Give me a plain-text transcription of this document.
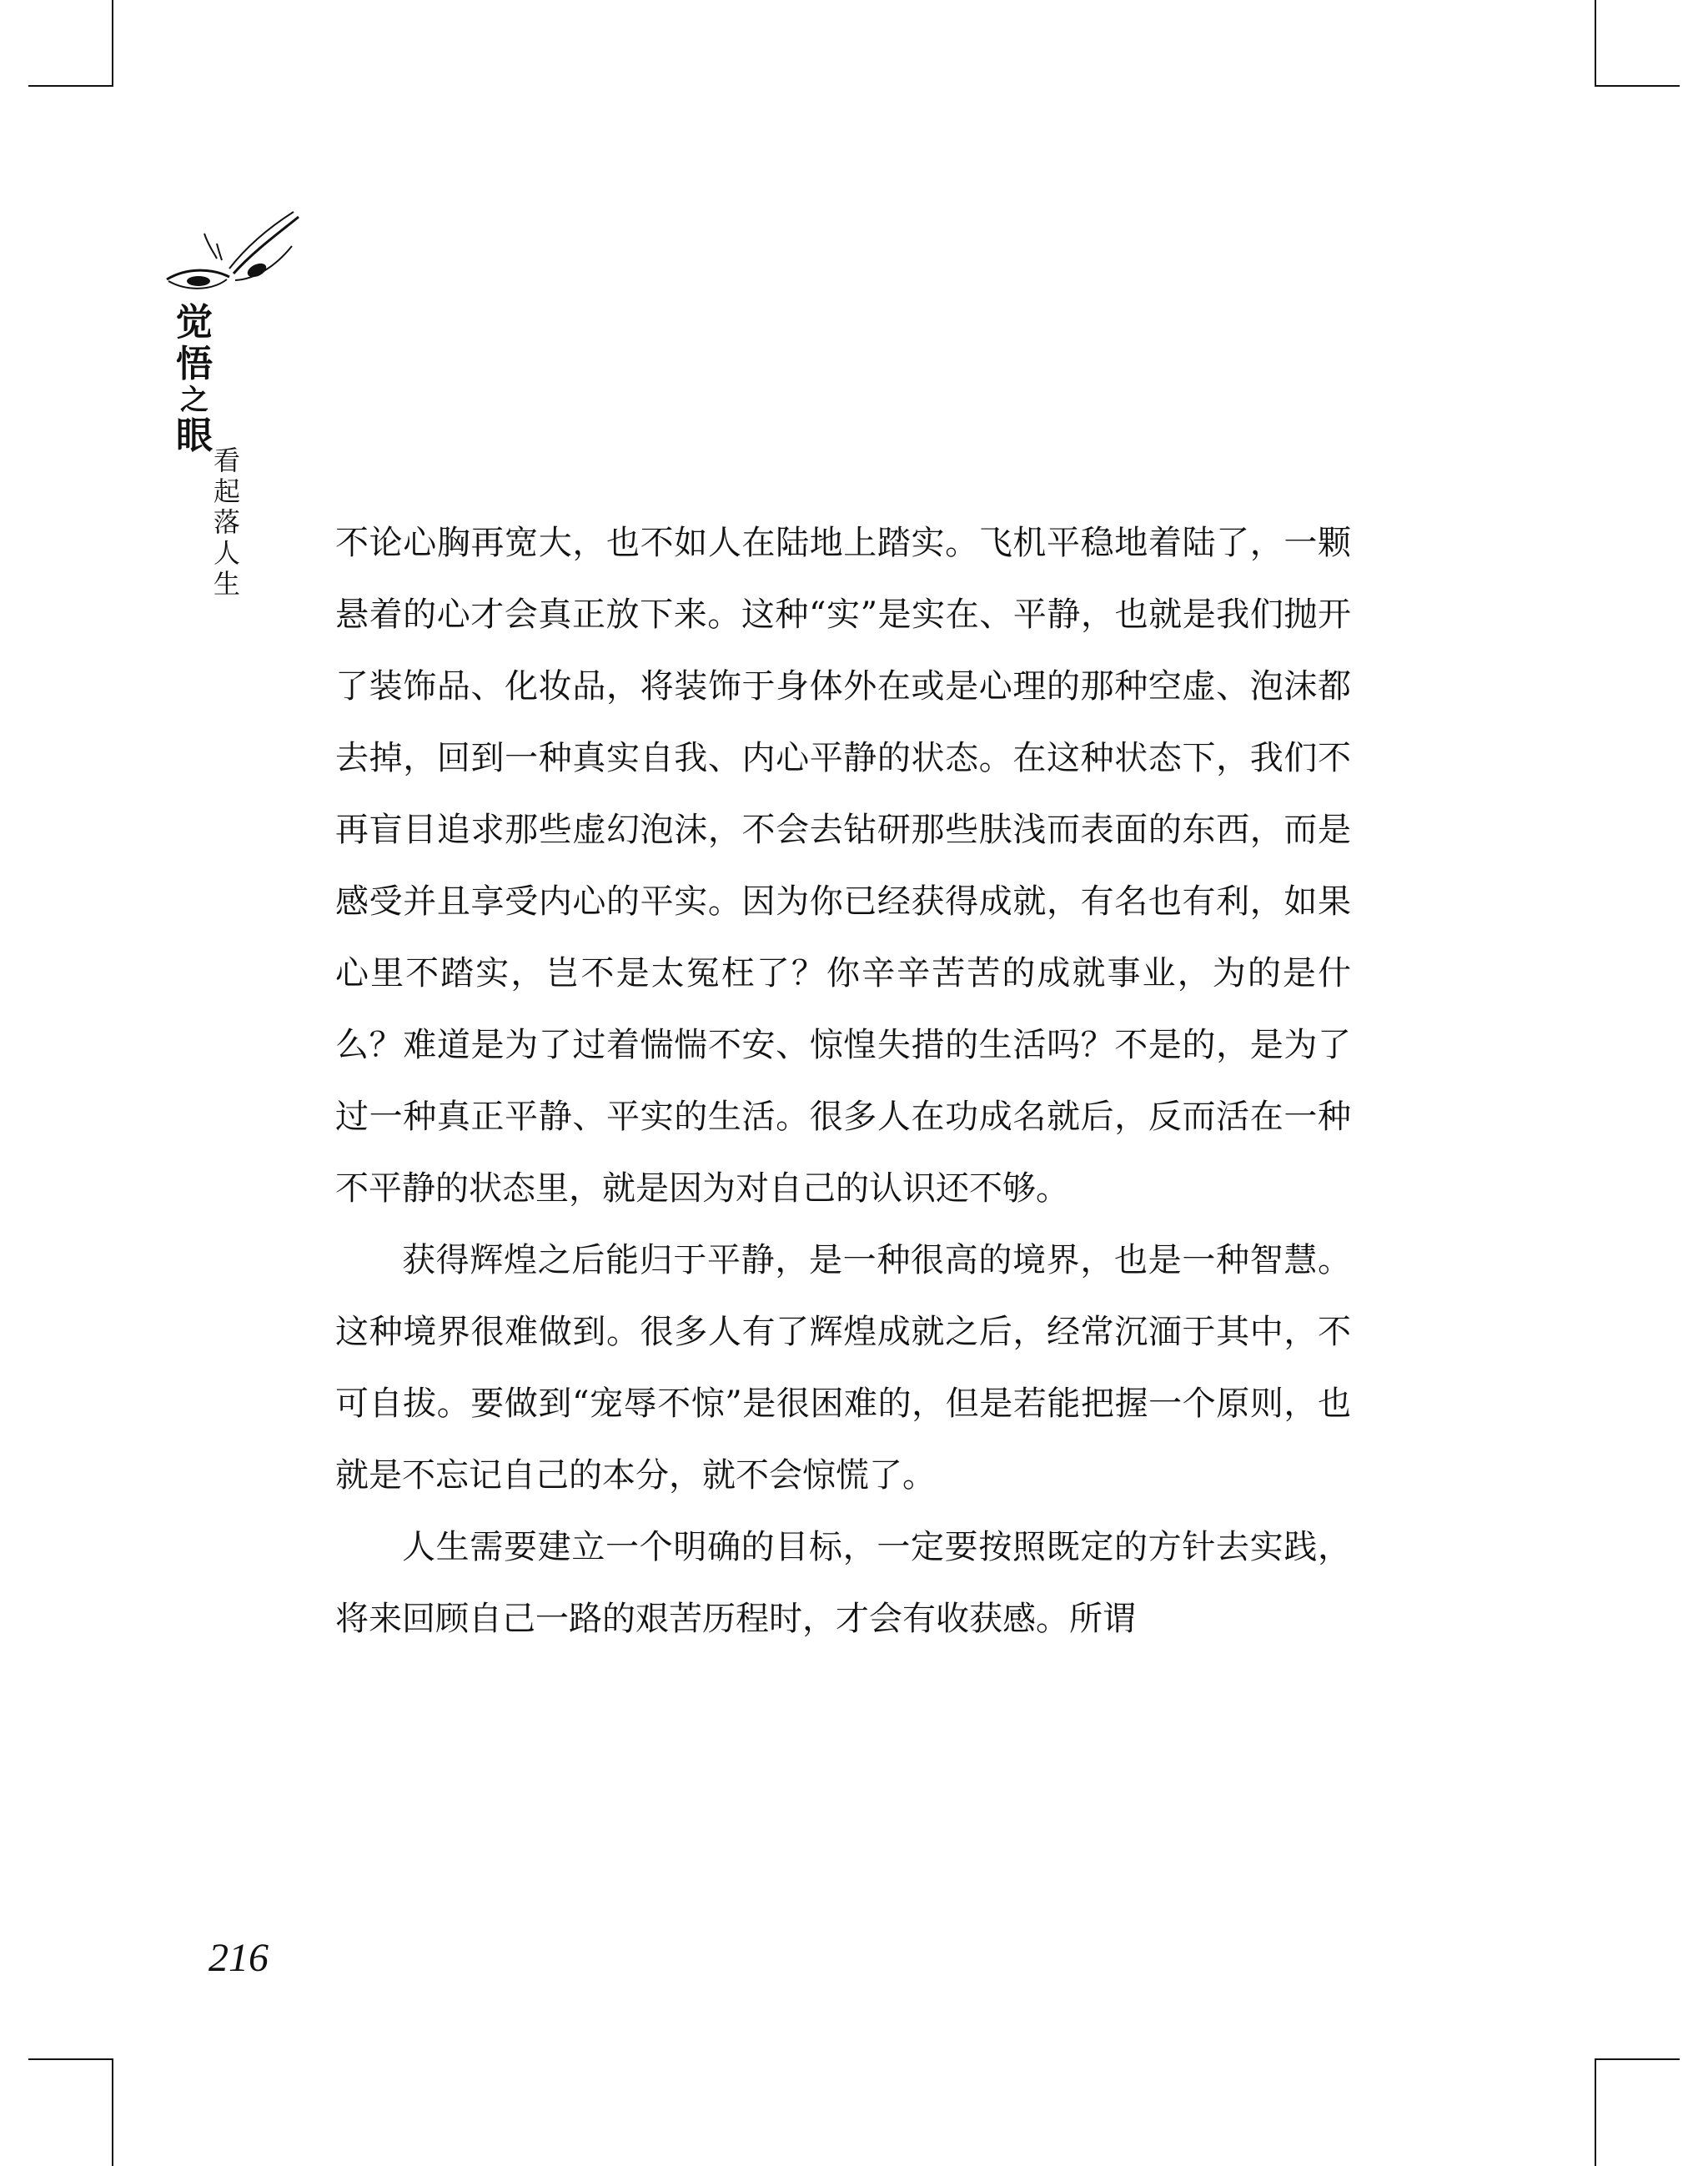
觉
悟
之
眼
看
起
落
人
生

不论心胸再宽大，也不如人在陆地上踏实。飞机平稳地着陆了，一颗悬着的心才会真正放下来。这种“实”是实在、平静，也就是我们抛开了装饰品、化妆品，将装饰于身体外在或是心理的那种空虚、泡沫都去掉，回到一种真实自我、内心平静的状态。在这种状态下，我们不再盲目追求那些虚幻泡沫，不会去钻研那些肤浅而表面的东西，而是感受并且享受内心的平实。因为你已经获得成就，有名也有利，如果心里不踏实，岂不是太冤枉了？你辛辛苦苦的成就事业，为的是什么？难道是为了过着惴惴不安、惊惶失措的生活吗？不是的，是为了过一种真正平静、平实的生活。很多人在功成名就后，反而活在一种不平静的状态里，就是因为对自己的认识还不够。

获得辉煌之后能归于平静，是一种很高的境界，也是一种智慧。这种境界很难做到。很多人有了辉煌成就之后，经常沉湎于其中，不可自拔。要做到“宠辱不惊”是很困难的，但是若能把握一个原则，也就是不忘记自己的本分，就不会惊慌了。

人生需要建立一个明确的目标，一定要按照既定的方针去实践，将来回顾自己一路的艰苦历程时，才会有收获感。所谓

216
